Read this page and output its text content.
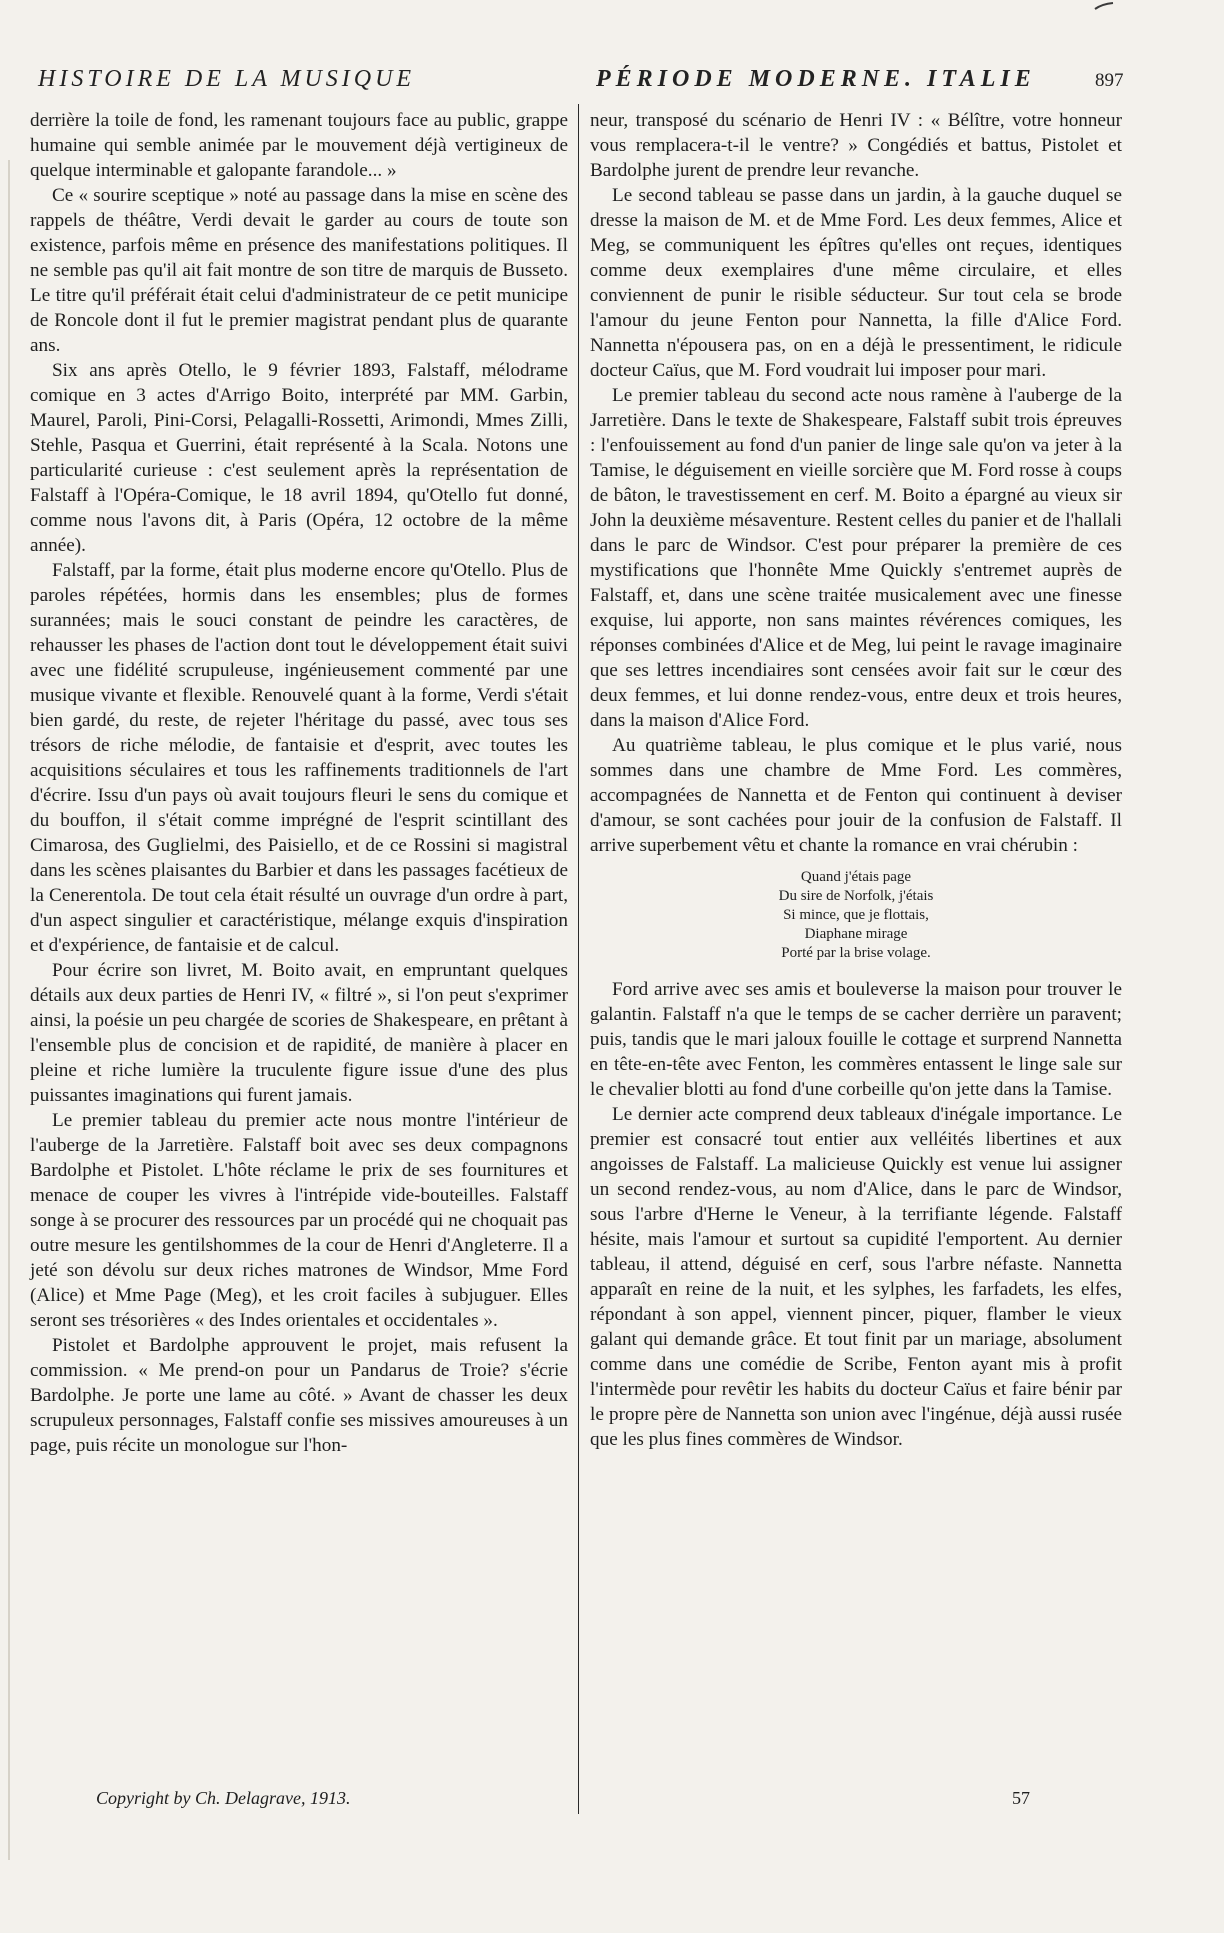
HISTOIRE DE LA MUSIQUE	PÉRIODE MODERNE. ITALIE	897

derrière la toile de fond, les ramenant toujours face au public, grappe humaine qui semble animée par le mouvement déjà vertigineux de quelque interminable et galopante farandole... »

Ce « sourire sceptique » noté au passage dans la mise en scène des rappels de théâtre, Verdi devait le garder au cours de toute son existence, parfois même en présence des manifestations politiques. Il ne semble pas qu'il ait fait montre de son titre de marquis de Busseto. Le titre qu'il préférait était celui d'administrateur de ce petit municipe de Roncole dont il fut le premier magistrat pendant plus de quarante ans.

Six ans après Otello, le 9 février 1893, Falstaff, mélodrame comique en 3 actes d'Arrigo Boito, interprété par MM. Garbin, Maurel, Paroli, Pini-Corsi, Pelagalli-Rossetti, Arimondi, Mmes Zilli, Stehle, Pasqua et Guerrini, était représenté à la Scala. Notons une particularité curieuse : c'est seulement après la représentation de Falstaff à l'Opéra-Comique, le 18 avril 1894, qu'Otello fut donné, comme nous l'avons dit, à Paris (Opéra, 12 octobre de la même année).

Falstaff, par la forme, était plus moderne encore qu'Otello. Plus de paroles répétées, hormis dans les ensembles; plus de formes surannées; mais le souci constant de peindre les caractères, de rehausser les phases de l'action dont tout le développement était suivi avec une fidélité scrupuleuse, ingénieusement commenté par une musique vivante et flexible. Renouvelé quant à la forme, Verdi s'était bien gardé, du reste, de rejeter l'héritage du passé, avec tous ses trésors de riche mélodie, de fantaisie et d'esprit, avec toutes les acquisitions séculaires et tous les raffinements traditionnels de l'art d'écrire. Issu d'un pays où avait toujours fleuri le sens du comique et du bouffon, il s'était comme imprégné de l'esprit scintillant des Cimarosa, des Guglielmi, des Paisiello, et de ce Rossini si magistral dans les scènes plaisantes du Barbier et dans les passages facétieux de la Cenerentola. De tout cela était résulté un ouvrage d'un ordre à part, d'un aspect singulier et caractéristique, mélange exquis d'inspiration et d'expérience, de fantaisie et de calcul.

Pour écrire son livret, M. Boito avait, en empruntant quelques détails aux deux parties de Henri IV, « filtré », si l'on peut s'exprimer ainsi, la poésie un peu chargée de scories de Shakespeare, en prêtant à l'ensemble plus de concision et de rapidité, de manière à placer en pleine et riche lumière la truculente figure issue d'une des plus puissantes imaginations qui furent jamais.

Le premier tableau du premier acte nous montre l'intérieur de l'auberge de la Jarretière. Falstaff boit avec ses deux compagnons Bardolphe et Pistolet. L'hôte réclame le prix de ses fournitures et menace de couper les vivres à l'intrépide vide-bouteilles. Falstaff songe à se procurer des ressources par un procédé qui ne choquait pas outre mesure les gentilshommes de la cour de Henri d'Angleterre. Il a jeté son dévolu sur deux riches matrones de Windsor, Mme Ford (Alice) et Mme Page (Meg), et les croit faciles à subjuguer. Elles seront ses trésorières « des Indes orientales et occidentales ».

Pistolet et Bardolphe approuvent le projet, mais refusent la commission. « Me prend-on pour un Pandarus de Troie? s'écrie Bardolphe. Je porte une lame au côté. » Avant de chasser les deux scrupuleux personnages, Falstaff confie ses missives amoureuses à un page, puis récite un monologue sur l'hon-

neur, transposé du scénario de Henri IV : « Bélître, votre honneur vous remplacera-t-il le ventre? » Congédiés et battus, Pistolet et Bardolphe jurent de prendre leur revanche.

Le second tableau se passe dans un jardin, à la gauche duquel se dresse la maison de M. et de Mme Ford. Les deux femmes, Alice et Meg, se communiquent les épîtres qu'elles ont reçues, identiques comme deux exemplaires d'une même circulaire, et elles conviennent de punir le risible séducteur. Sur tout cela se brode l'amour du jeune Fenton pour Nannetta, la fille d'Alice Ford. Nannetta n'épousera pas, on en a déjà le pressentiment, le ridicule docteur Caïus, que M. Ford voudrait lui imposer pour mari.

Le premier tableau du second acte nous ramène à l'auberge de la Jarretière. Dans le texte de Shakespeare, Falstaff subit trois épreuves : l'enfouissement au fond d'un panier de linge sale qu'on va jeter à la Tamise, le déguisement en vieille sorcière que M. Ford rosse à coups de bâton, le travestissement en cerf. M. Boito a épargné au vieux sir John la deuxième mésaventure. Restent celles du panier et de l'hallali dans le parc de Windsor. C'est pour préparer la première de ces mystifications que l'honnête Mme Quickly s'entremet auprès de Falstaff, et, dans une scène traitée musicalement avec une finesse exquise, lui apporte, non sans maintes révérences comiques, les réponses combinées d'Alice et de Meg, lui peint le ravage imaginaire que ses lettres incendiaires sont censées avoir fait sur le cœur des deux femmes, et lui donne rendez-vous, entre deux et trois heures, dans la maison d'Alice Ford.

Au quatrième tableau, le plus comique et le plus varié, nous sommes dans une chambre de Mme Ford. Les commères, accompagnées de Nannetta et de Fenton qui continuent à deviser d'amour, se sont cachées pour jouir de la confusion de Falstaff. Il arrive superbement vêtu et chante la romance en vrai chérubin :

Quand j'étais page
Du sire de Norfolk, j'étais
Si mince, que je flottais,
Diaphane mirage
Porté par la brise volage.

Ford arrive avec ses amis et bouleverse la maison pour trouver le galantin. Falstaff n'a que le temps de se cacher derrière un paravent; puis, tandis que le mari jaloux fouille le cottage et surprend Nannetta en tête-en-tête avec Fenton, les commères entassent le linge sale sur le chevalier blotti au fond d'une corbeille qu'on jette dans la Tamise.

Le dernier acte comprend deux tableaux d'inégale importance. Le premier est consacré tout entier aux velléités libertines et aux angoisses de Falstaff. La malicieuse Quickly est venue lui assigner un second rendez-vous, au nom d'Alice, dans le parc de Windsor, sous l'arbre d'Herne le Veneur, à la terrifiante légende. Falstaff hésite, mais l'amour et surtout sa cupidité l'emportent. Au dernier tableau, il attend, déguisé en cerf, sous l'arbre néfaste. Nannetta apparaît en reine de la nuit, et les sylphes, les farfadets, les elfes, répondant à son appel, viennent pincer, piquer, flamber le vieux galant qui demande grâce. Et tout finit par un mariage, absolument comme dans une comédie de Scribe, Fenton ayant mis à profit l'intermède pour revêtir les habits du docteur Caïus et faire bénir par le propre père de Nannetta son union avec l'ingénue, déjà aussi rusée que les plus fines commères de Windsor.

Copyright by Ch. Delagrave, 1913.	57
